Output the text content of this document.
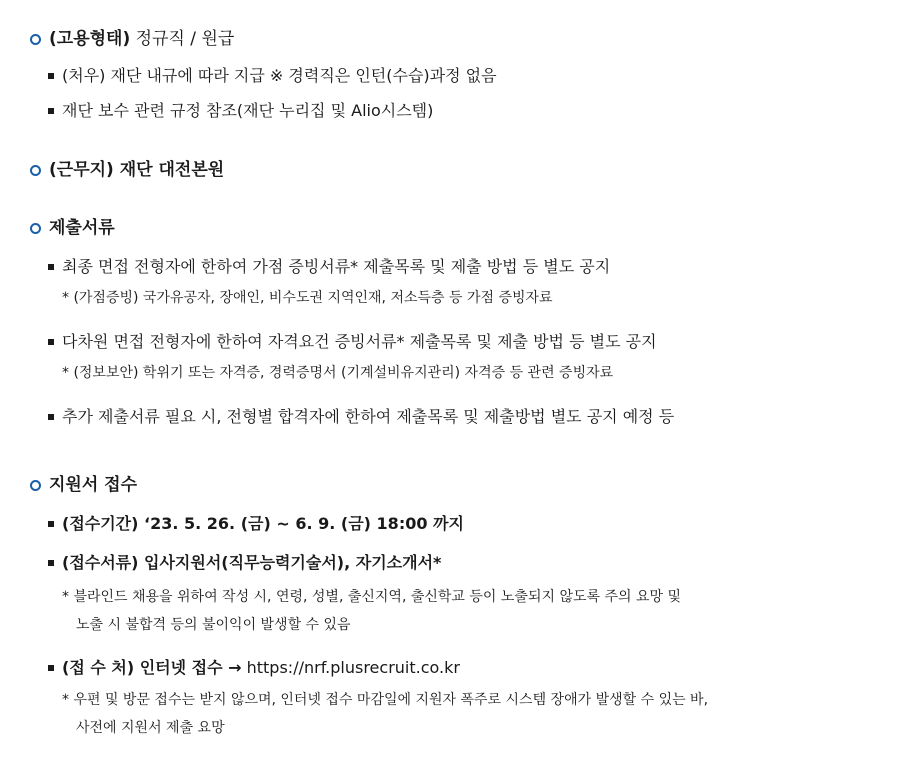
(고용형태) 정규직 / 원급
(처우) 재단 내규에 따라 지급 ※ 경력직은 인턴(수습)과정 없음
재단 보수 관련 규정 참조(재단 누리집 및 Alio시스템)
(근무지) 재단 대전본원
제출서류
최종 면접 전형자에 한하여 가점 증빙서류* 제출목록 및 제출 방법 등 별도 공지
* (가점증빙) 국가유공자, 장애인, 비수도권 지역인재, 저소득층 등 가점 증빙자료
다차원 면접 전형자에 한하여 자격요건 증빙서류* 제출목록 및 제출 방법 등 별도 공지
* (정보보안) 학위기 또는 자격증, 경력증명서 (기계설비유지관리) 자격증 등 관련 증빙자료
추가 제출서류 필요 시, 전형별 합격자에 한하여 제출목록 및 제출방법 별도 공지 예정 등
지원서 접수
(접수기간) ‘23. 5. 26. (금) ~ 6. 9. (금) 18:00 까지
(접수서류) 입사지원서(직무능력기술서), 자기소개서*
* 블라인드 채용을 위하여 작성 시, 연령, 성별, 출신지역, 출신학교 등이 노출되지 않도록 주의 요망 및
노출 시 불합격 등의 불이익이 발생할 수 있음
(접 수 처) 인터넷 접수 → https://nrf.plusrecruit.co.kr
* 우편 및 방문 접수는 받지 않으며, 인터넷 접수 마감일에 지원자 폭주로 시스템 장애가 발생할 수 있는 바,
사전에 지원서 제출 요망
